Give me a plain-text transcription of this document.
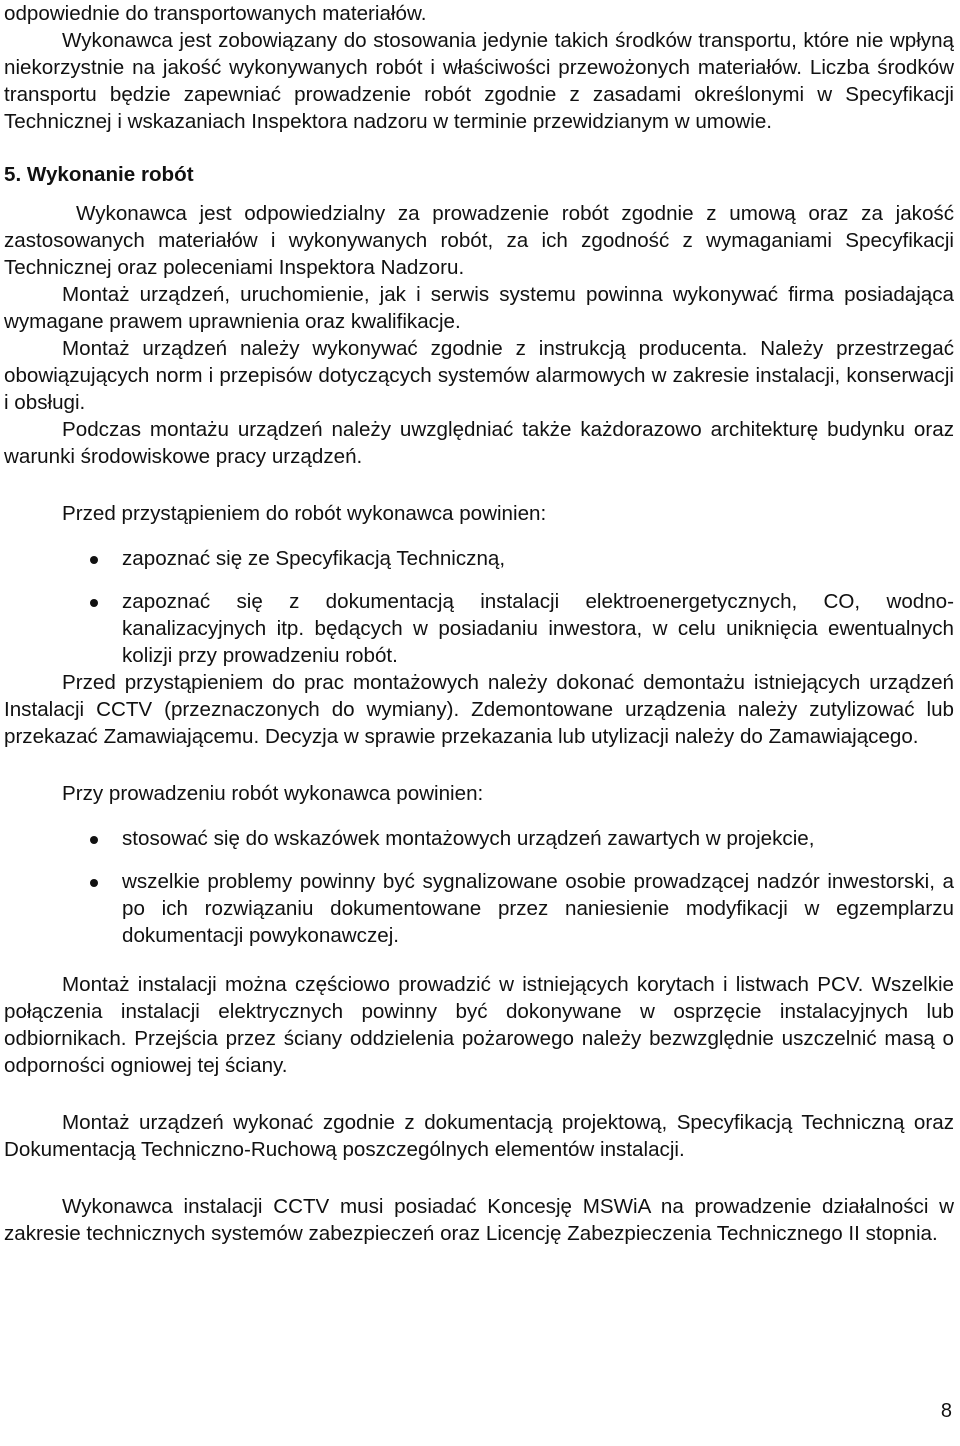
odpowiednie do transportowanych materiałów.

Wykonawca jest zobowiązany do stosowania jedynie takich środków transportu, które nie wpłyną niekorzystnie na jakość wykonywanych robót i właściwości przewożonych materiałów. Liczba środków transportu będzie zapewniać prowadzenie robót zgodnie z zasadami określonymi w Specyfikacji Technicznej i wskazaniach Inspektora nadzoru w terminie przewidzianym w umowie.

5. Wykonanie robót

Wykonawca jest odpowiedzialny za prowadzenie robót zgodnie z umową oraz za jakość zastosowanych materiałów i wykonywanych robót, za ich zgodność z wymaganiami Specyfikacji Technicznej oraz poleceniami Inspektora Nadzoru.

Montaż urządzeń, uruchomienie, jak i serwis systemu powinna wykonywać firma posiadająca wymagane prawem uprawnienia oraz kwalifikacje.

Montaż urządzeń należy wykonywać zgodnie z instrukcją producenta. Należy przestrzegać obowiązujących norm i przepisów dotyczących systemów alarmowych w zakresie instalacji, konserwacji i obsługi.

Podczas montażu urządzeń należy uwzględniać także każdorazowo architekturę budynku oraz warunki środowiskowe pracy urządzeń.

Przed przystąpieniem do robót wykonawca powinien:

zapoznać się ze Specyfikacją Techniczną,
zapoznać się z dokumentacją instalacji elektroenergetycznych, CO, wodno-kanalizacyjnych itp. będących w posiadaniu inwestora, w celu uniknięcia ewentualnych kolizji przy prowadzeniu robót.

Przed przystąpieniem do prac montażowych należy dokonać demontażu istniejących urządzeń Instalacji CCTV (przeznaczonych do wymiany). Zdemontowane urządzenia należy zutylizować lub przekazać Zamawiającemu. Decyzja w sprawie przekazania lub utylizacji należy do Zamawiającego.

Przy prowadzeniu robót wykonawca powinien:

stosować się do wskazówek montażowych urządzeń zawartych w projekcie,
wszelkie problemy powinny być sygnalizowane osobie prowadzącej nadzór inwestorski, a po ich rozwiązaniu dokumentowane przez naniesienie modyfikacji w egzemplarzu dokumentacji powykonawczej.

Montaż instalacji można częściowo prowadzić w istniejących korytach i listwach PCV. Wszelkie połączenia instalacji elektrycznych powinny być dokonywane w osprzęcie instalacyjnych lub odbiornikach. Przejścia przez ściany oddzielenia pożarowego należy bezwzględnie uszczelnić masą o odporności ogniowej tej ściany.

Montaż urządzeń wykonać zgodnie z dokumentacją projektową, Specyfikacją Techniczną oraz Dokumentacją Techniczno-Ruchową poszczególnych elementów instalacji.

Wykonawca instalacji CCTV musi posiadać Koncesję MSWiA na prowadzenie działalności w zakresie technicznych systemów zabezpieczeń oraz Licencję Zabezpieczenia Technicznego II stopnia.

8
